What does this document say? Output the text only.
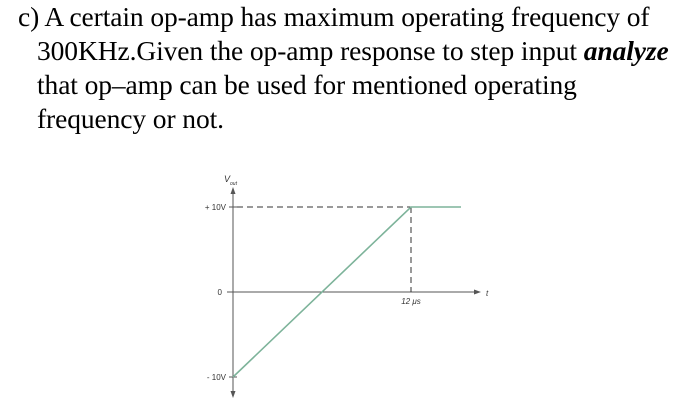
c) A certain op-amp has maximum operating frequency of
300KHz.Given the op-amp response to step input analyze
that op–amp can be used for mentioned operating
frequency or not.
$V_{out}$
t
+ 10V
0
- 10V
12 μs
